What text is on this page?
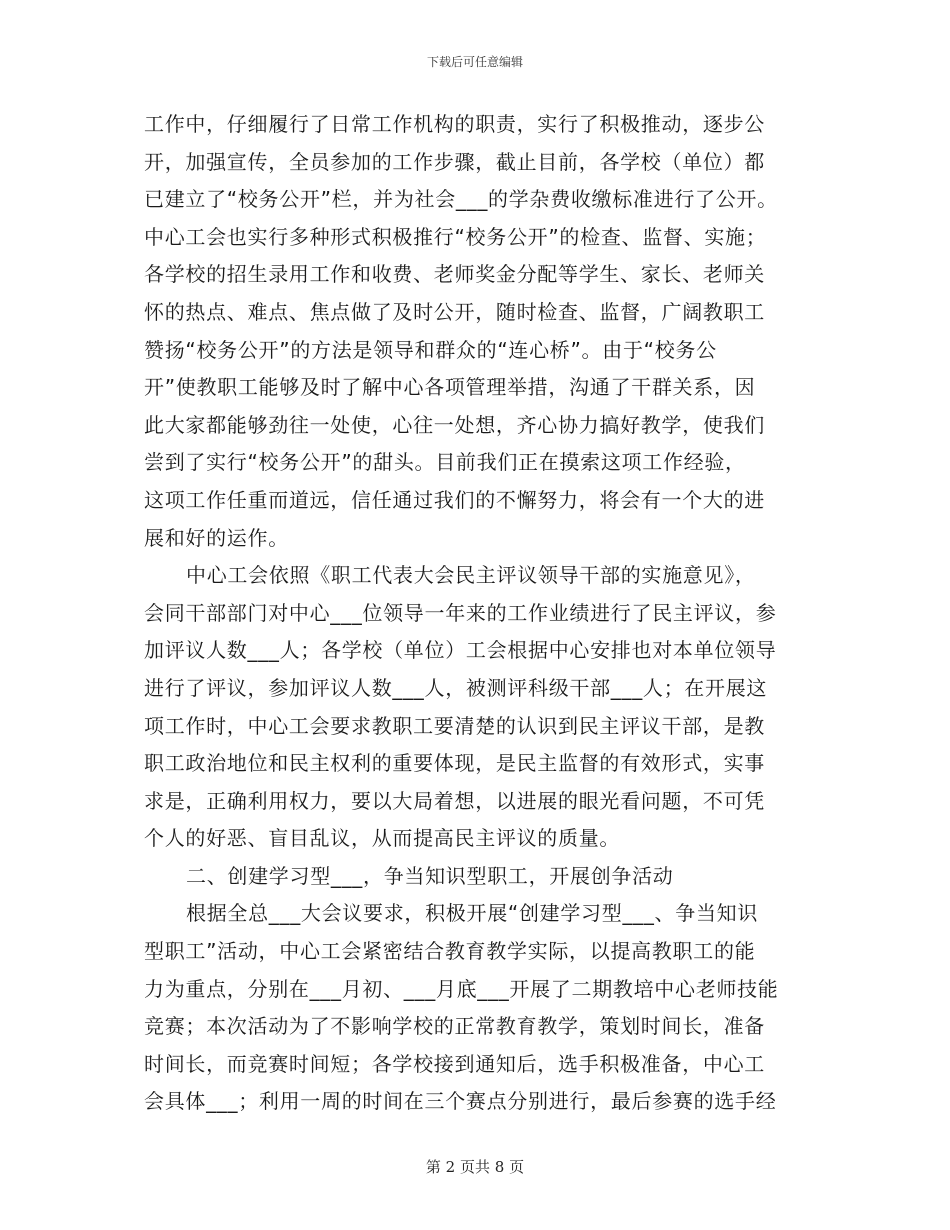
下载后可任意编辑

工作中，仔细履行了日常工作机构的职责，实行了积极推动，逐步公
开，加强宣传，全员参加的工作步骤，截止目前，各学校（单位）都
已建立了“校务公开”栏，并为社会___的学杂费收缴标准进行了公开。
中心工会也实行多种形式积极推行“校务公开”的检查、监督、实施；
各学校的招生录用工作和收费、老师奖金分配等学生、家长、老师关
怀的热点、难点、焦点做了及时公开，随时检查、监督，广阔教职工
赞扬“校务公开”的方法是领导和群众的“连心桥”。由于“校务公
开”使教职工能够及时了解中心各项管理举措，沟通了干群关系，因
此大家都能够劲往一处使，心往一处想，齐心协力搞好教学，使我们
尝到了实行“校务公开”的甜头。目前我们正在摸索这项工作经验，
这项工作任重而道远，信任通过我们的不懈努力，将会有一个大的进
展和好的运作。

中心工会依照《职工代表大会民主评议领导干部的实施意见》，
会同干部部门对中心___位领导一年来的工作业绩进行了民主评议，参
加评议人数___人；各学校（单位）工会根据中心安排也对本单位领导
进行了评议，参加评议人数___人，被测评科级干部___人；在开展这
项工作时，中心工会要求教职工要清楚的认识到民主评议干部，是教
职工政治地位和民主权利的重要体现，是民主监督的有效形式，实事
求是，正确利用权力，要以大局着想，以进展的眼光看问题，不可凭
个人的好恶、盲目乱议，从而提高民主评议的质量。

二、创建学习型___，争当知识型职工，开展创争活动

根据全总___大会议要求，积极开展“创建学习型___、争当知识
型职工”活动，中心工会紧密结合教育教学实际，以提高教职工的能
力为重点，分别在___月初、___月底___开展了二期教培中心老师技能
竞赛；本次活动为了不影响学校的正常教育教学，策划时间长，准备
时间长，而竞赛时间短；各学校接到通知后，选手积极准备，中心工
会具体___；利用一周的时间在三个赛点分别进行，最后参赛的选手经

第 2 页共 8 页
